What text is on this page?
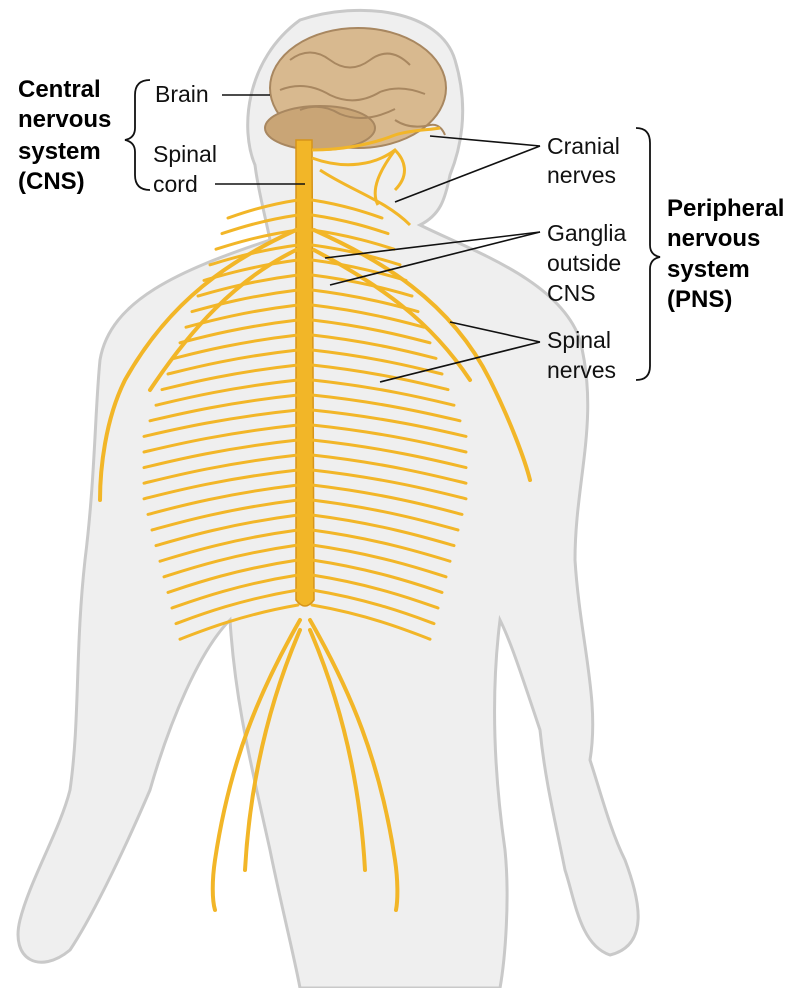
Central
nervous
system
(CNS)
Brain
Spinal
cord
Cranial
nerves
Ganglia
outside
CNS
Spinal
nerves
Peripheral
nervous
system
(PNS)
